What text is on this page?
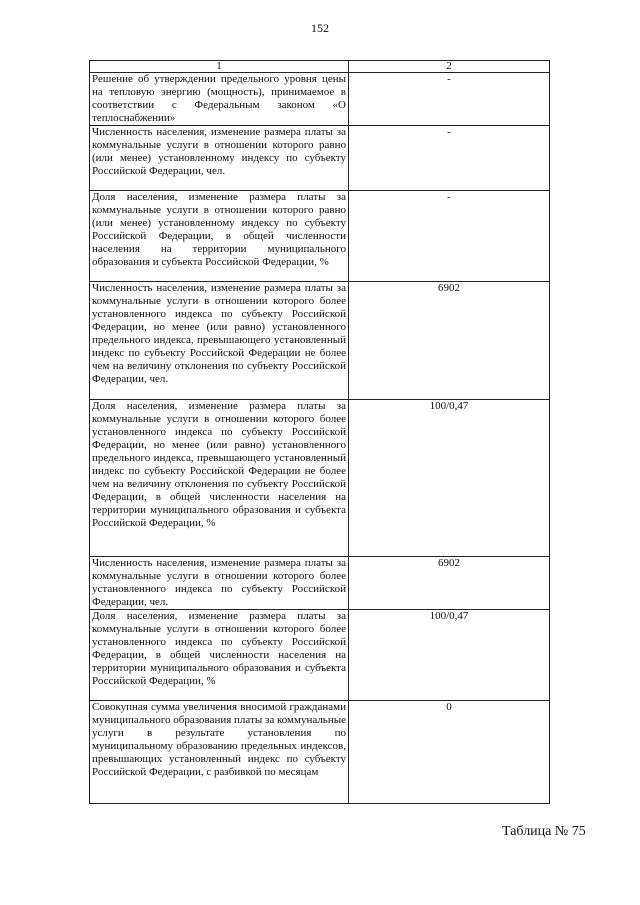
152
1	2

Решение об утверждении предельного уровня цены на тепловую энергию (мощность), принимаемое в соответствии с Федеральным законом «О теплоснабжении»	-

Численность населения, изменение размера платы за коммунальные услуги в отношении которого равно (или менее) установленному индексу по субъекту Российской Федерации, чел.	-

Доля населения, изменение размера платы за коммунальные услуги в отношении которого равно (или менее) установленному индексу по субъекту Российской Федерации, в общей численности населения на территории муниципального образования и субъекта Российской Федерации, %	-

Численность населения, изменение размера платы за коммунальные услуги в отношении которого более установленного индекса по субъекту Российской Федерации, но менее (или равно) установленного предельного индекса, превышающего установленный индекс по субъекту Российской Федерации не более чем на величину отклонения по субъекту Российской Федерации, чел.	6902

Доля населения, изменение размера платы за коммунальные услуги в отношении которого более установленного индекса по субъекту Российской Федерации, но менее (или равно) установленного предельного индекса, превышающего установленный индекс по субъекту Российской Федерации не более чем на величину отклонения по субъекту Российской Федерации, в общей численности населения на территории муниципального образования и субъекта Российской Федерации, %	100/0,47

Численность населения, изменение размера платы за коммунальные услуги в отношении которого более установленного индекса по субъекту Российской Федерации, чел.	6902

Доля населения, изменение размера платы за коммунальные услуги в отношении которого более установленного индекса по субъекту Российской Федерации, в общей численности населения на территории муниципального образования и субъекта Российской Федерации, %	100/0,47

Совокупная сумма увеличения вносимой гражданами муниципального образования платы за коммунальные услуги в результате установления по муниципальному образованию предельных индексов, превышающих установленный индекс по субъекту Российской Федерации, с разбивкой по месяцам	0
Таблица № 75
